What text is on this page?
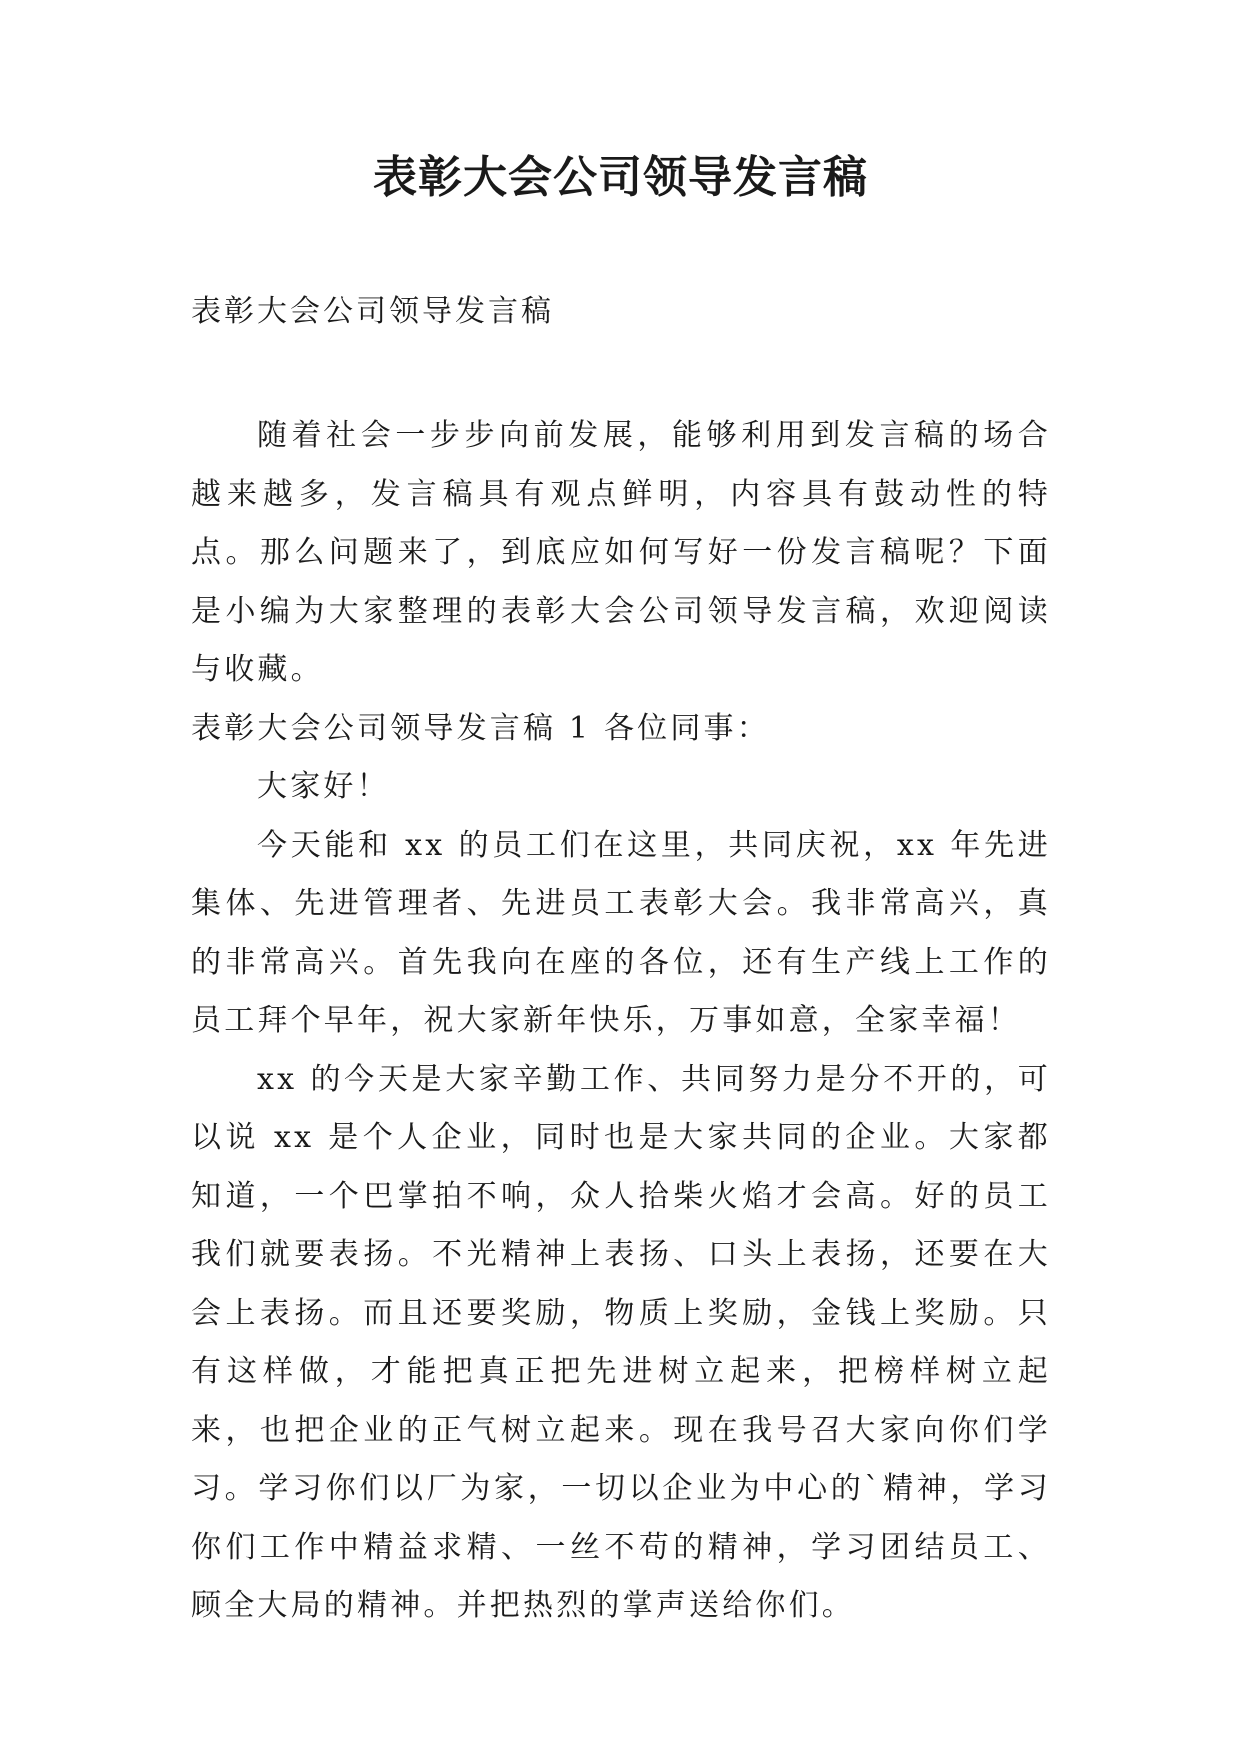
表彰大会公司领导发言稿

表彰大会公司领导发言稿

随着社会一步步向前发展，能够利用到发言稿的场合越来越多，发言稿具有观点鲜明，内容具有鼓动性的特点。那么问题来了，到底应如何写好一份发言稿呢？下面是小编为大家整理的表彰大会公司领导发言稿，欢迎阅读与收藏。

表彰大会公司领导发言稿 1 各位同事：

大家好！

今天能和 xx 的员工们在这里，共同庆祝，xx 年先进集体、先进管理者、先进员工表彰大会。我非常高兴，真的非常高兴。首先我向在座的各位，还有生产线上工作的员工拜个早年，祝大家新年快乐，万事如意，全家幸福！

xx 的今天是大家辛勤工作、共同努力是分不开的，可以说 xx 是个人企业，同时也是大家共同的企业。大家都知道，一个巴掌拍不响，众人拾柴火焰才会高。好的员工我们就要表扬。不光精神上表扬、口头上表扬，还要在大会上表扬。而且还要奖励，物质上奖励，金钱上奖励。只有这样做，才能把真正把先进树立起来，把榜样树立起来，也把企业的正气树立起来。现在我号召大家向你们学习。学习你们以厂为家，一切以企业为中心的`精神，学习你们工作中精益求精、一丝不苟的精神，学习团结员工、顾全大局的精神。并把热烈的掌声送给你们。
